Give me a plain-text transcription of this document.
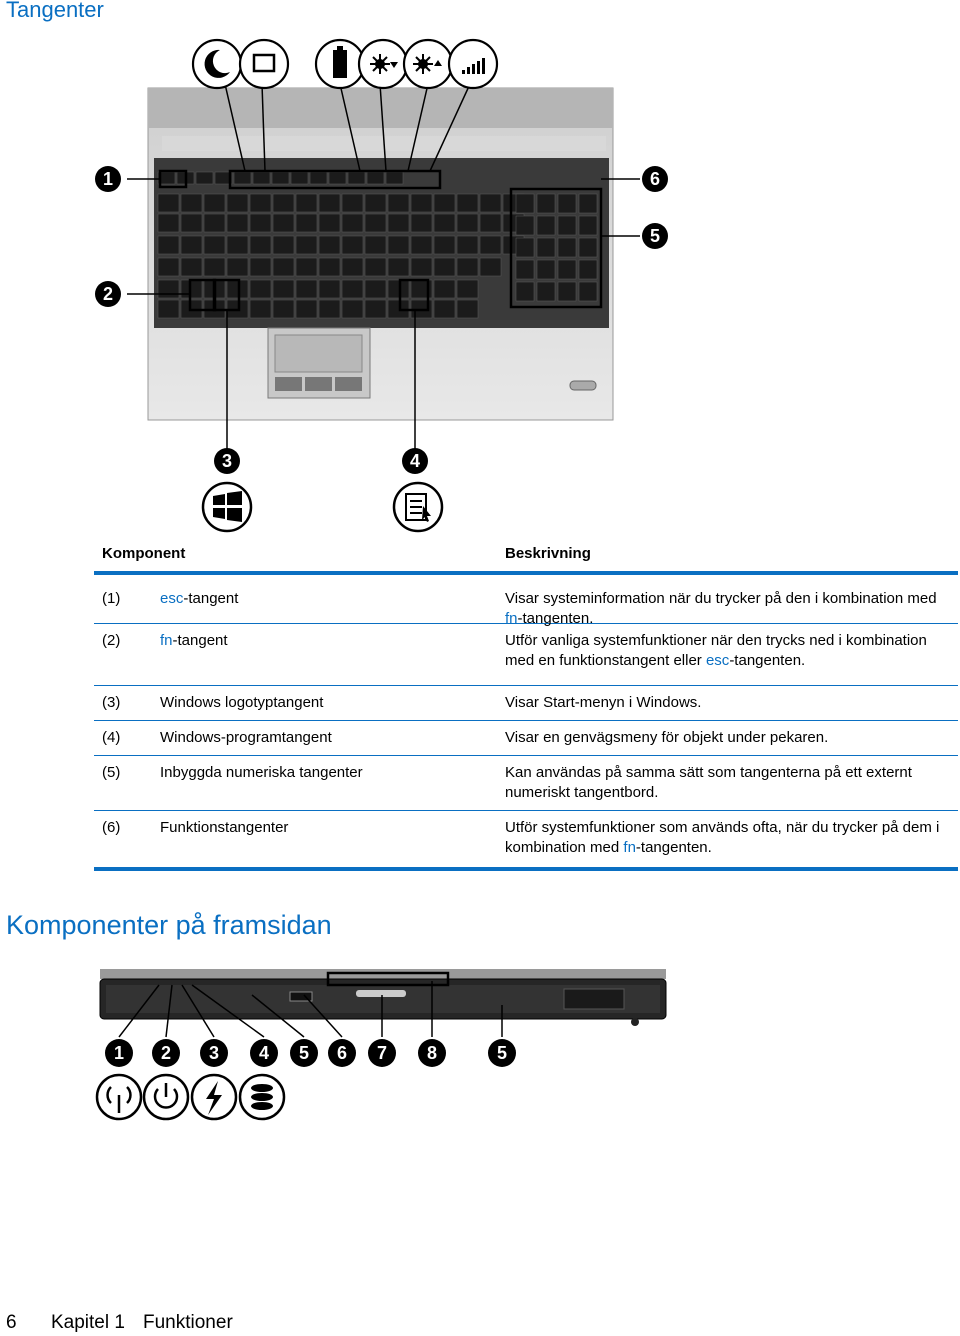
Tangenter
1
2
3	4
5
6
Komponent	Beskrivning
(1)	esc-tangent	Visar systeminformation när du trycker på den i kombination med fn-tangenten.
(2)	fn-tangent	Utför vanliga systemfunktioner när den trycks ned i kombination med en funktionstangent eller esc-tangenten.
(3)	Windows logotyptangent	Visar Start-menyn i Windows.
(4)	Windows-programtangent	Visar en genvägsmeny för objekt under pekaren.
(5)	Inbyggda numeriska tangenter	Kan användas på samma sätt som tangenterna på ett externt numeriskt tangentbord.
(6)	Funktionstangenter	Utför systemfunktioner som används ofta, när du trycker på dem i kombination med fn-tangenten.
Komponenter på framsidan
1 2 3 4 5 6 7 8	5
6 Kapitel 1 Funktioner
